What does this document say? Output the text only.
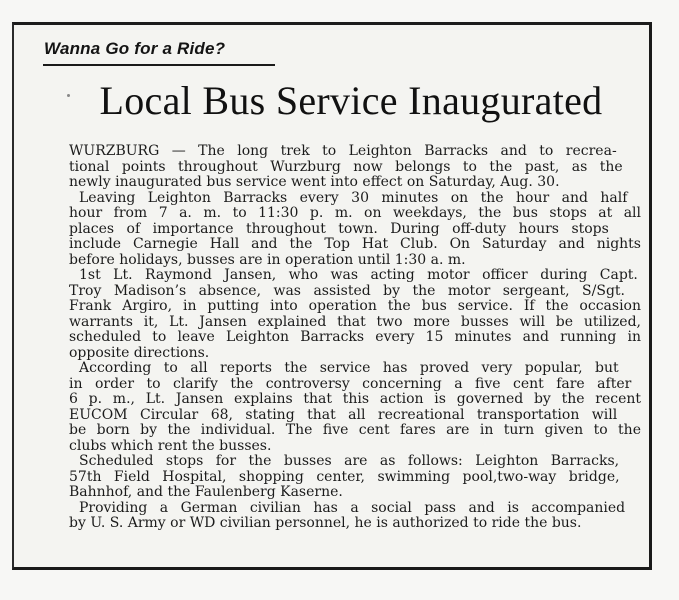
Wanna Go for a Ride?
Local Bus Service Inaugurated
WURZBURG — The long trek to Leighton Barracks and to recrea-
tional points throughout Wurzburg now belongs to the past, as the
newly inaugurated bus service went into effect on Saturday, Aug. 30.
Leaving Leighton Barracks every 30 minutes on the hour and half
hour from 7 a. m. to 11:30 p. m. on weekdays, the bus stops at all
places of importance throughout town. During off-duty hours stops
include Carnegie Hall and the Top Hat Club. On Saturday and nights
before holidays, busses are in operation until 1:30 a. m.
1st Lt. Raymond Jansen, who was acting motor officer during Capt.
Troy Madison’s absence, was assisted by the motor sergeant, S/Sgt.
Frank Argiro, in putting into operation the bus service. If the occasion
warrants it, Lt. Jansen explained that two more busses will be utilized,
scheduled to leave Leighton Barracks every 15 minutes and running in
opposite directions.
According to all reports the service has proved very popular, but
in order to clarify the controversy concerning a five cent fare after
6 p. m., Lt. Jansen explains that this action is governed by the recent
EUCOM Circular 68, stating that all recreational transportation will
be born by the individual. The five cent fares are in turn given to the
clubs which rent the busses.
Scheduled stops for the busses are as follows: Leighton Barracks,
57th Field Hospital, shopping center, swimming pool,two-way bridge,
Bahnhof, and the Faulenberg Kaserne.
Providing a German civilian has a social pass and is accompanied
by U. S. Army or WD civilian personnel, he is authorized to ride the bus.
